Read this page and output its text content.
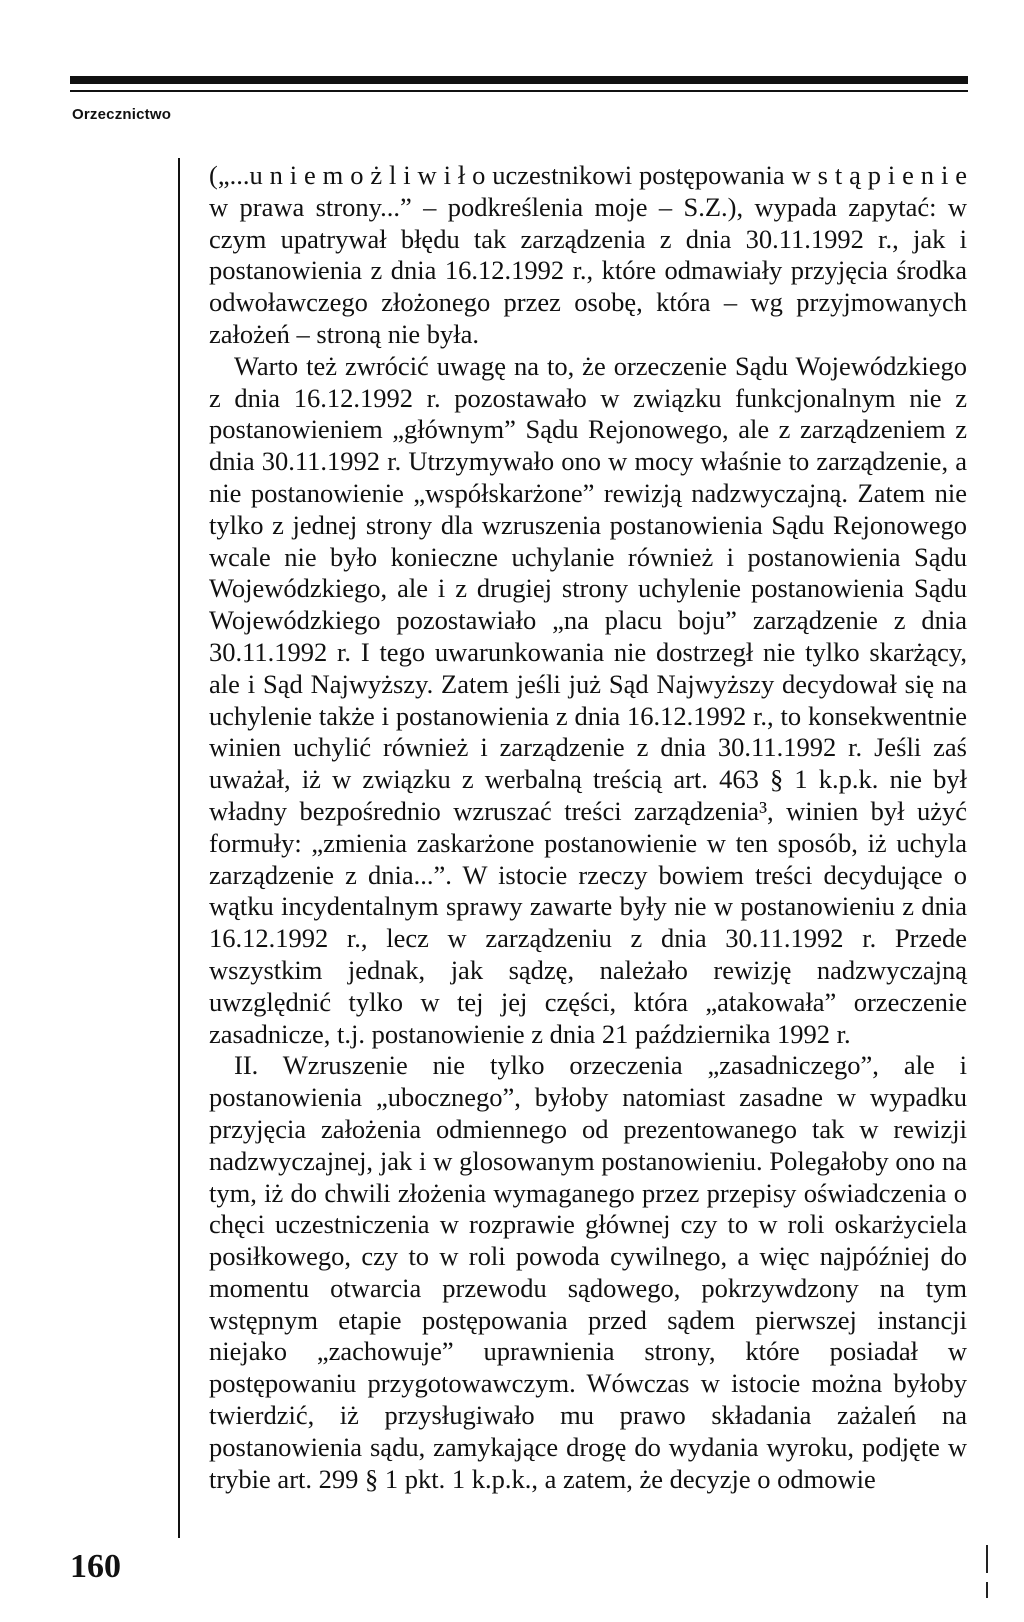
Orzecznictwo

(„...u n i e m o ż l i w i ł o uczestnikowi postępowania w s t ą p i e n i e w prawa strony...” – podkreślenia moje – S.Z.), wypada zapytać: w czym upatrywał błędu tak zarządzenia z dnia 30.11.1992 r., jak i postanowienia z dnia 16.12.1992 r., które odmawiały przyjęcia środka odwoławczego złożonego przez osobę, która – wg przyjmowanych założeń – stroną nie była.

Warto też zwrócić uwagę na to, że orzeczenie Sądu Wojewódzkiego z dnia 16.12.1992 r. pozostawało w związku funkcjonalnym nie z postanowieniem „głównym” Sądu Rejonowego, ale z zarządzeniem z dnia 30.11.1992 r. Utrzymywało ono w mocy właśnie to zarządzenie, a nie postanowienie „współskarżone” rewizją nadzwyczajną. Zatem nie tylko z jednej strony dla wzruszenia postanowienia Sądu Rejonowego wcale nie było konieczne uchylanie również i postanowienia Sądu Wojewódzkiego, ale i z drugiej strony uchylenie postanowienia Sądu Wojewódzkiego pozostawiało „na placu boju” zarządzenie z dnia 30.11.1992 r. I tego uwarunkowania nie dostrzegł nie tylko skarżący, ale i Sąd Najwyższy. Zatem jeśli już Sąd Najwyższy decydował się na uchylenie także i postanowienia z dnia 16.12.1992 r., to konsekwentnie winien uchylić również i zarządzenie z dnia 30.11.1992 r. Jeśli zaś uważał, iż w związku z werbalną treścią art. 463 § 1 k.p.k. nie był władny bezpośrednio wzruszać treści zarządzenia³, winien był użyć formuły: „zmienia zaskarżone postanowienie w ten sposób, iż uchyla zarządzenie z dnia...”. W istocie rzeczy bowiem treści decydujące o wątku incydentalnym sprawy zawarte były nie w postanowieniu z dnia 16.12.1992 r., lecz w zarządzeniu z dnia 30.11.1992 r. Przede wszystkim jednak, jak sądzę, należało rewizję nadzwyczajną uwzględnić tylko w tej jej części, która „atakowała” orzeczenie zasadnicze, t.j. postanowienie z dnia 21 października 1992 r.

II. Wzruszenie nie tylko orzeczenia „zasadniczego”, ale i postanowienia „ubocznego”, byłoby natomiast zasadne w wypadku przyjęcia założenia odmiennego od prezentowanego tak w rewizji nadzwyczajnej, jak i w glosowanym postanowieniu. Polegałoby ono na tym, iż do chwili złożenia wymaganego przez przepisy oświadczenia o chęci uczestniczenia w rozprawie głównej czy to w roli oskarżyciela posiłkowego, czy to w roli powoda cywilnego, a więc najpóźniej do momentu otwarcia przewodu sądowego, pokrzywdzony na tym wstępnym etapie postępowania przed sądem pierwszej instancji niejako „zachowuje” uprawnienia strony, które posiadał w postępowaniu przygotowawczym. Wówczas w istocie można byłoby twierdzić, iż przysługiwało mu prawo składania zażaleń na postanowienia sądu, zamykające drogę do wydania wyroku, podjęte w trybie art. 299 § 1 pkt. 1 k.p.k., a zatem, że decyzje o odmowie

160
